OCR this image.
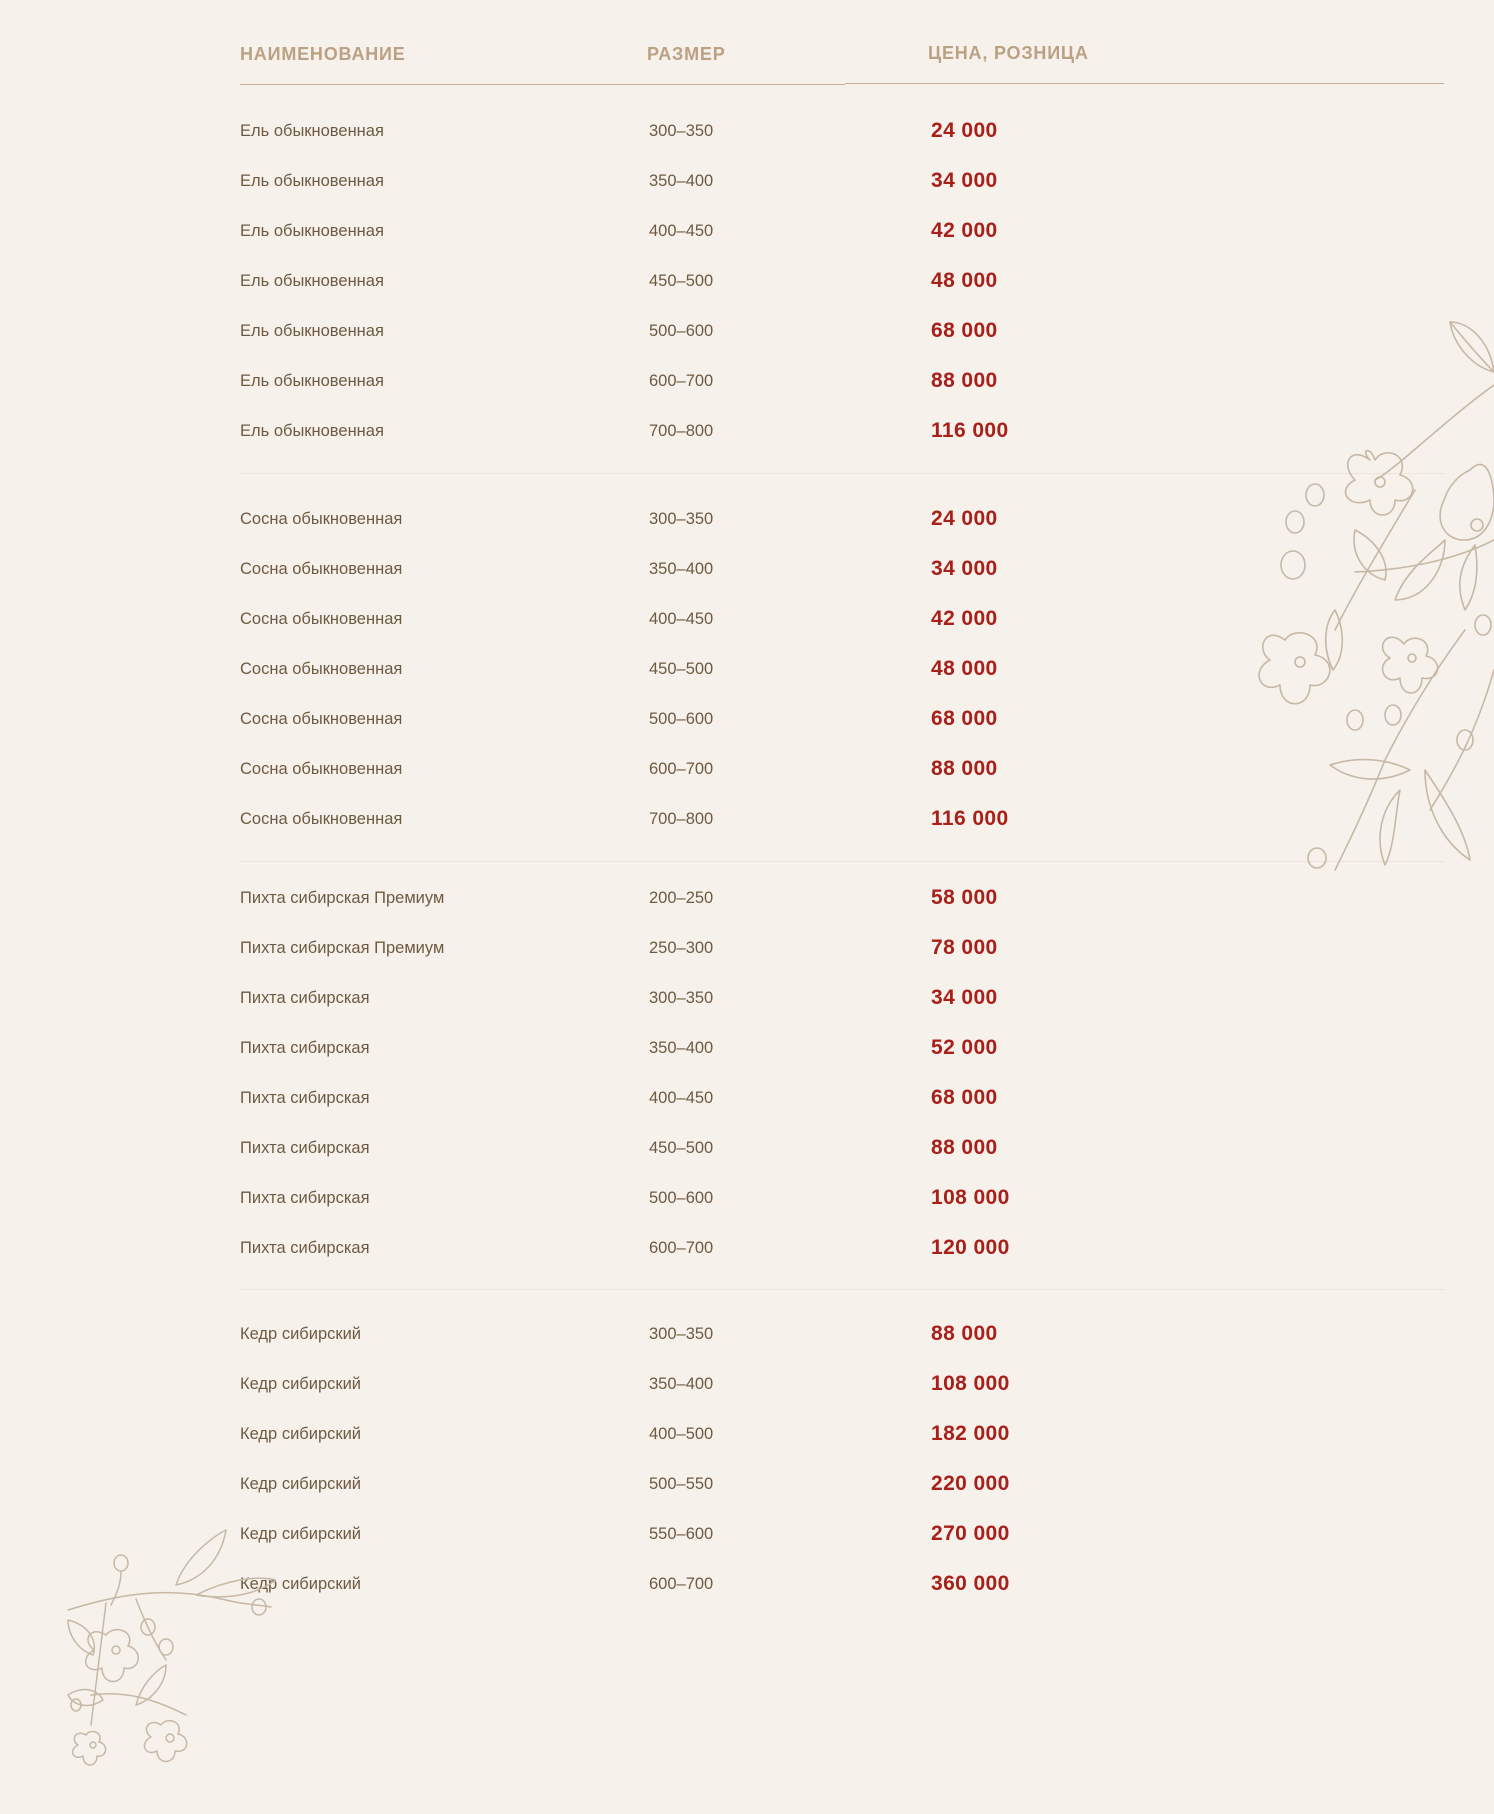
НАИМЕНОВАНИЕ	РАЗМЕР	ЦЕНА, РОЗНИЦА
Ель обыкновенная	300–350	24 000
Ель обыкновенная	350–400	34 000
Ель обыкновенная	400–450	42 000
Ель обыкновенная	450–500	48 000
Ель обыкновенная	500–600	68 000
Ель обыкновенная	600–700	88 000
Ель обыкновенная	700–800	116 000
Сосна обыкновенная	300–350	24 000
Сосна обыкновенная	350–400	34 000
Сосна обыкновенная	400–450	42 000
Сосна обыкновенная	450–500	48 000
Сосна обыкновенная	500–600	68 000
Сосна обыкновенная	600–700	88 000
Сосна обыкновенная	700–800	116 000
Пихта сибирская Премиум	200–250	58 000
Пихта сибирская Премиум	250–300	78 000
Пихта сибирская	300–350	34 000
Пихта сибирская	350–400	52 000
Пихта сибирская	400–450	68 000
Пихта сибирская	450–500	88 000
Пихта сибирская	500–600	108 000
Пихта сибирская	600–700	120 000
Кедр сибирский	300–350	88 000
Кедр сибирский	350–400	108 000
Кедр сибирский	400–500	182 000
Кедр сибирский	500–550	220 000
Кедр сибирский	550–600	270 000
Кедр сибирский	600–700	360 000
